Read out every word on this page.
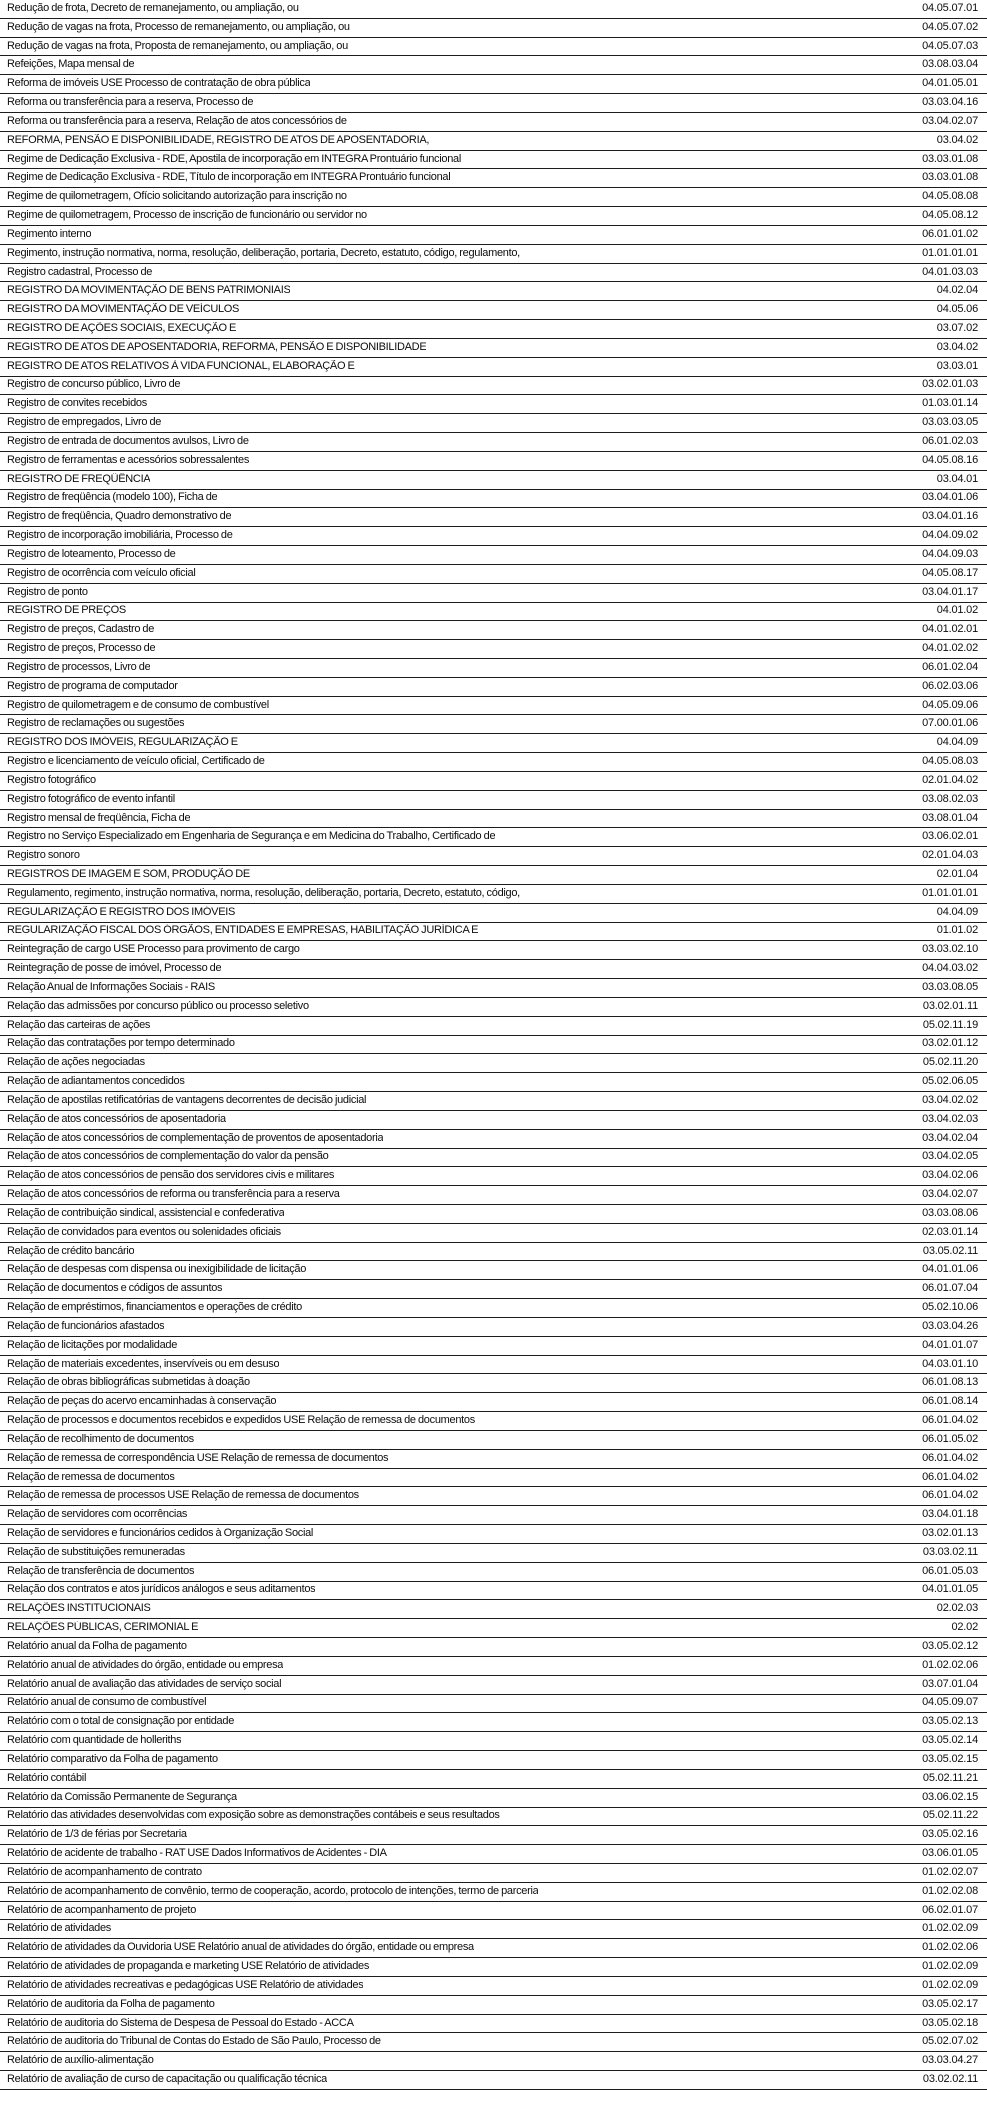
Redução de frota, Decreto de remanejamento, ou ampliação, ou	04.05.07.01
Redução de vagas na frota, Processo de remanejamento, ou ampliação, ou	04.05.07.02
Redução de vagas na frota, Proposta de remanejamento, ou ampliação, ou	04.05.07.03
Refeições, Mapa mensal de	03.08.03.04
Reforma de imóveis USE Processo de contratação de obra pública	04.01.05.01
Reforma ou transferência para a reserva, Processo de	03.03.04.16
Reforma ou transferência para a reserva, Relação de atos concessórios de	03.04.02.07
REFORMA, PENSÃO E DISPONIBILIDADE, REGISTRO DE ATOS DE APOSENTADORIA,	03.04.02
Regime de Dedicação Exclusiva - RDE, Apostila de incorporação em INTEGRA Prontuário funcional	03.03.01.08
Regime de Dedicação Exclusiva - RDE, Título de incorporação em INTEGRA Prontuário funcional	03.03.01.08
Regime de quilometragem, Ofício solicitando autorização para inscrição no	04.05.08.08
Regime de quilometragem, Processo de inscrição de funcionário ou servidor no	04.05.08.12
Regimento interno	06.01.01.02
Regimento, instrução normativa, norma, resolução, deliberação, portaria, Decreto, estatuto, código, regulamento,	01.01.01.01
Registro cadastral, Processo de	04.01.03.03
REGISTRO DA MOVIMENTAÇÃO DE BENS PATRIMONIAIS	04.02.04
REGISTRO DA MOVIMENTAÇÃO DE VEÍCULOS	04.05.06
REGISTRO DE AÇÕES SOCIAIS, EXECUÇÃO E	03.07.02
REGISTRO DE ATOS DE APOSENTADORIA, REFORMA, PENSÃO E DISPONIBILIDADE	03.04.02
REGISTRO DE ATOS RELATIVOS À VIDA FUNCIONAL, ELABORAÇÃO E	03.03.01
Registro de concurso público, Livro de	03.02.01.03
Registro de convites recebidos	01.03.01.14
Registro de empregados, Livro de	03.03.03.05
Registro de entrada de documentos avulsos, Livro de	06.01.02.03
Registro de ferramentas e acessórios sobressalentes	04.05.08.16
REGISTRO DE FREQÜÊNCIA	03.04.01
Registro de freqüência (modelo 100), Ficha de	03.04.01.06
Registro de freqüência, Quadro demonstrativo de	03.04.01.16
Registro de incorporação imobiliária, Processo de	04.04.09.02
Registro de loteamento, Processo de	04.04.09.03
Registro de ocorrência com veículo oficial	04.05.08.17
Registro de ponto	03.04.01.17
REGISTRO DE PREÇOS	04.01.02
Registro de preços, Cadastro de	04.01.02.01
Registro de preços, Processo de	04.01.02.02
Registro de processos, Livro de	06.01.02.04
Registro de programa de computador	06.02.03.06
Registro de quilometragem e de consumo de combustível	04.05.09.06
Registro de reclamações ou sugestões	07.00.01.06
REGISTRO DOS IMÓVEIS, REGULARIZAÇÃO E	04.04.09
Registro e licenciamento de veículo oficial, Certificado de	04.05.08.03
Registro fotográfico	02.01.04.02
Registro fotográfico de evento infantil	03.08.02.03
Registro mensal de freqüência, Ficha de	03.08.01.04
Registro no Serviço Especializado em Engenharia de Segurança e em Medicina do Trabalho, Certificado de	03.06.02.01
Registro sonoro	02.01.04.03
REGISTROS DE IMAGEM E SOM, PRODUÇÃO DE	02.01.04
Regulamento, regimento, instrução normativa, norma, resolução, deliberação, portaria, Decreto, estatuto, código,	01.01.01.01
REGULARIZAÇÃO E REGISTRO DOS IMÓVEIS	04.04.09
REGULARIZAÇÃO FISCAL DOS ÓRGÃOS, ENTIDADES E EMPRESAS, HABILITAÇÃO JURÍDICA E	01.01.02
Reintegração de cargo USE Processo para provimento de cargo	03.03.02.10
Reintegração de posse de imóvel, Processo de	04.04.03.02
Relação Anual de Informações Sociais - RAIS	03.03.08.05
Relação das admissões por concurso público ou processo seletivo	03.02.01.11
Relação das carteiras de ações	05.02.11.19
Relação das contratações por tempo determinado	03.02.01.12
Relação de ações negociadas	05.02.11.20
Relação de adiantamentos concedidos	05.02.06.05
Relação de apostilas retificatórias de vantagens decorrentes de decisão judicial	03.04.02.02
Relação de atos concessórios de aposentadoria	03.04.02.03
Relação de atos concessórios de complementação de proventos de aposentadoria	03.04.02.04
Relação de atos concessórios de complementação do valor da pensão	03.04.02.05
Relação de atos concessórios de pensão dos servidores civis e militares	03.04.02.06
Relação de atos concessórios de reforma ou transferência para a reserva	03.04.02.07
Relação de contribuição sindical, assistencial e confederativa	03.03.08.06
Relação de convidados para eventos ou solenidades oficiais	02.03.01.14
Relação de crédito bancário	03.05.02.11
Relação de despesas com dispensa ou inexigibilidade de licitação	04.01.01.06
Relação de documentos e códigos de assuntos	06.01.07.04
Relação de empréstimos, financiamentos e operações de crédito	05.02.10.06
Relação de funcionários afastados	03.03.04.26
Relação de licitações por modalidade	04.01.01.07
Relação de materiais excedentes, inservíveis ou em desuso	04.03.01.10
Relação de obras bibliográficas submetidas à doação	06.01.08.13
Relação de peças do acervo encaminhadas à conservação	06.01.08.14
Relação de processos e documentos recebidos e expedidos USE Relação de remessa de documentos	06.01.04.02
Relação de recolhimento de documentos	06.01.05.02
Relação de remessa de correspondência USE Relação de remessa de documentos	06.01.04.02
Relação de remessa de documentos	06.01.04.02
Relação de remessa de processos USE Relação de remessa de documentos	06.01.04.02
Relação de servidores com ocorrências	03.04.01.18
Relação de servidores e funcionários cedidos à Organização Social	03.02.01.13
Relação de substituições remuneradas	03.03.02.11
Relação de transferência de documentos	06.01.05.03
Relação dos contratos e atos jurídicos análogos e seus aditamentos	04.01.01.05
RELAÇÕES INSTITUCIONAIS	02.02.03
RELAÇÕES PÚBLICAS, CERIMONIAL E	02.02
Relatório anual da Folha de pagamento	03.05.02.12
Relatório anual de atividades do órgão, entidade ou empresa	01.02.02.06
Relatório anual de avaliação das atividades de serviço social	03.07.01.04
Relatório anual de consumo de combustível	04.05.09.07
Relatório com o total de consignação por entidade	03.05.02.13
Relatório com quantidade de holleriths	03.05.02.14
Relatório comparativo da Folha de pagamento	03.05.02.15
Relatório contábil	05.02.11.21
Relatório da Comissão Permanente de Segurança	03.06.02.15
Relatório das atividades desenvolvidas com exposição sobre as demonstrações contábeis e seus resultados	05.02.11.22
Relatório de 1/3 de férias por Secretaria	03.05.02.16
Relatório de acidente de trabalho - RAT USE Dados Informativos de Acidentes - DIA	03.06.01.05
Relatório de acompanhamento de contrato	01.02.02.07
Relatório de acompanhamento de convênio, termo de cooperação, acordo, protocolo de intenções, termo de parceria	01.02.02.08
Relatório de acompanhamento de projeto	06.02.01.07
Relatório de atividades	01.02.02.09
Relatório de atividades da Ouvidoria USE Relatório anual de atividades do órgão, entidade ou empresa	01.02.02.06
Relatório de atividades de propaganda e marketing USE Relatório de atividades	01.02.02.09
Relatório de atividades recreativas e pedagógicas USE Relatório de atividades	01.02.02.09
Relatório de auditoria da Folha de pagamento	03.05.02.17
Relatório de auditoria do Sistema de Despesa de Pessoal do Estado - ACCA	03.05.02.18
Relatório de auditoria do Tribunal de Contas do Estado de São Paulo, Processo de	05.02.07.02
Relatório de auxílio-alimentação	03.03.04.27
Relatório de avaliação de curso de capacitação ou qualificação técnica	03.02.02.11
